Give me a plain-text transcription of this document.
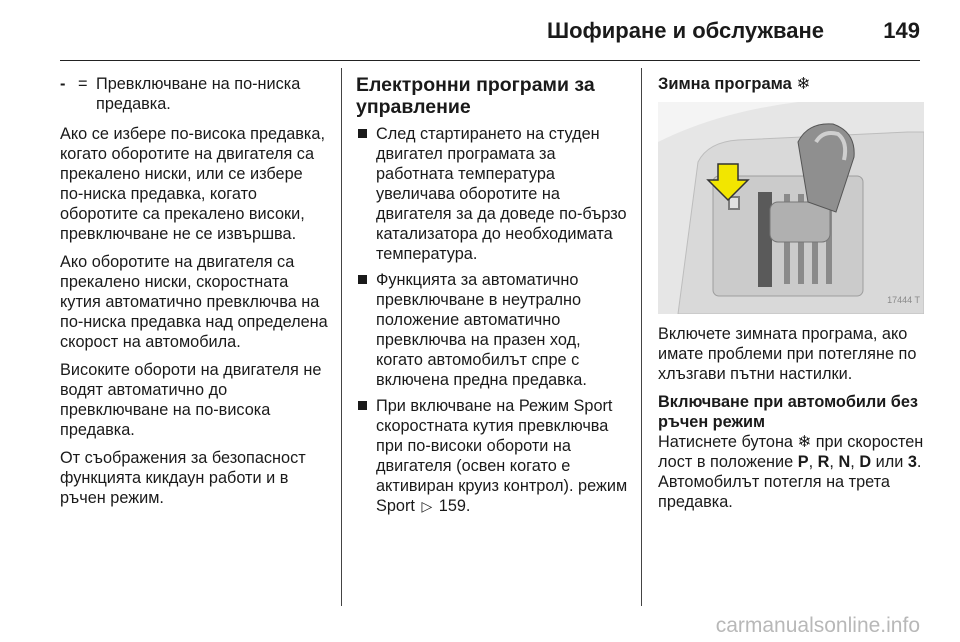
Шофиране и обслужване	149
- = Превключване на по-ниска предавка.

Ако се избере по-висока предавка, когато оборотите на двигателя са прекалено ниски, или се избере по-ниска предавка, когато оборотите са прекалено високи, превключване не се извършва.

Ако оборотите на двигателя са прекалено ниски, скоростната кутия автоматично превключва на по-ниска предавка над определена скорост на автомобила.

Високите обороти на двигателя не водят автоматично до превключване на по-висока предавка.

От съображения за безопасност функцията кикдаун работи и в ръчен режим.

Електронни програми за управление
След стартирането на студен двигател програмата за работната температура увеличава оборотите на двигателя за да доведе по-бързо катализатора до необходимата температура.
Функцията за автоматично превключване в неутрално положение автоматично превключва на празен ход, когато автомобилът спре с включена предна предавка.
При включване на Режим Sport скоростната кутия превключва при по-високи обороти на двигателя (освен когато е активиран круиз контрол). режим Sport ▷ 159.
Зимна програма ❄
17444 T

Включете зимната програма, ако имате проблеми при потегляне по хлъзгави пътни настилки.

Включване при автомобили без ръчен режим

Натиснете бутона ❄ при скоростен лост в положение P, R, N, D или 3. Автомобилът потегля на трета предавка.

carmanualsonline.info
